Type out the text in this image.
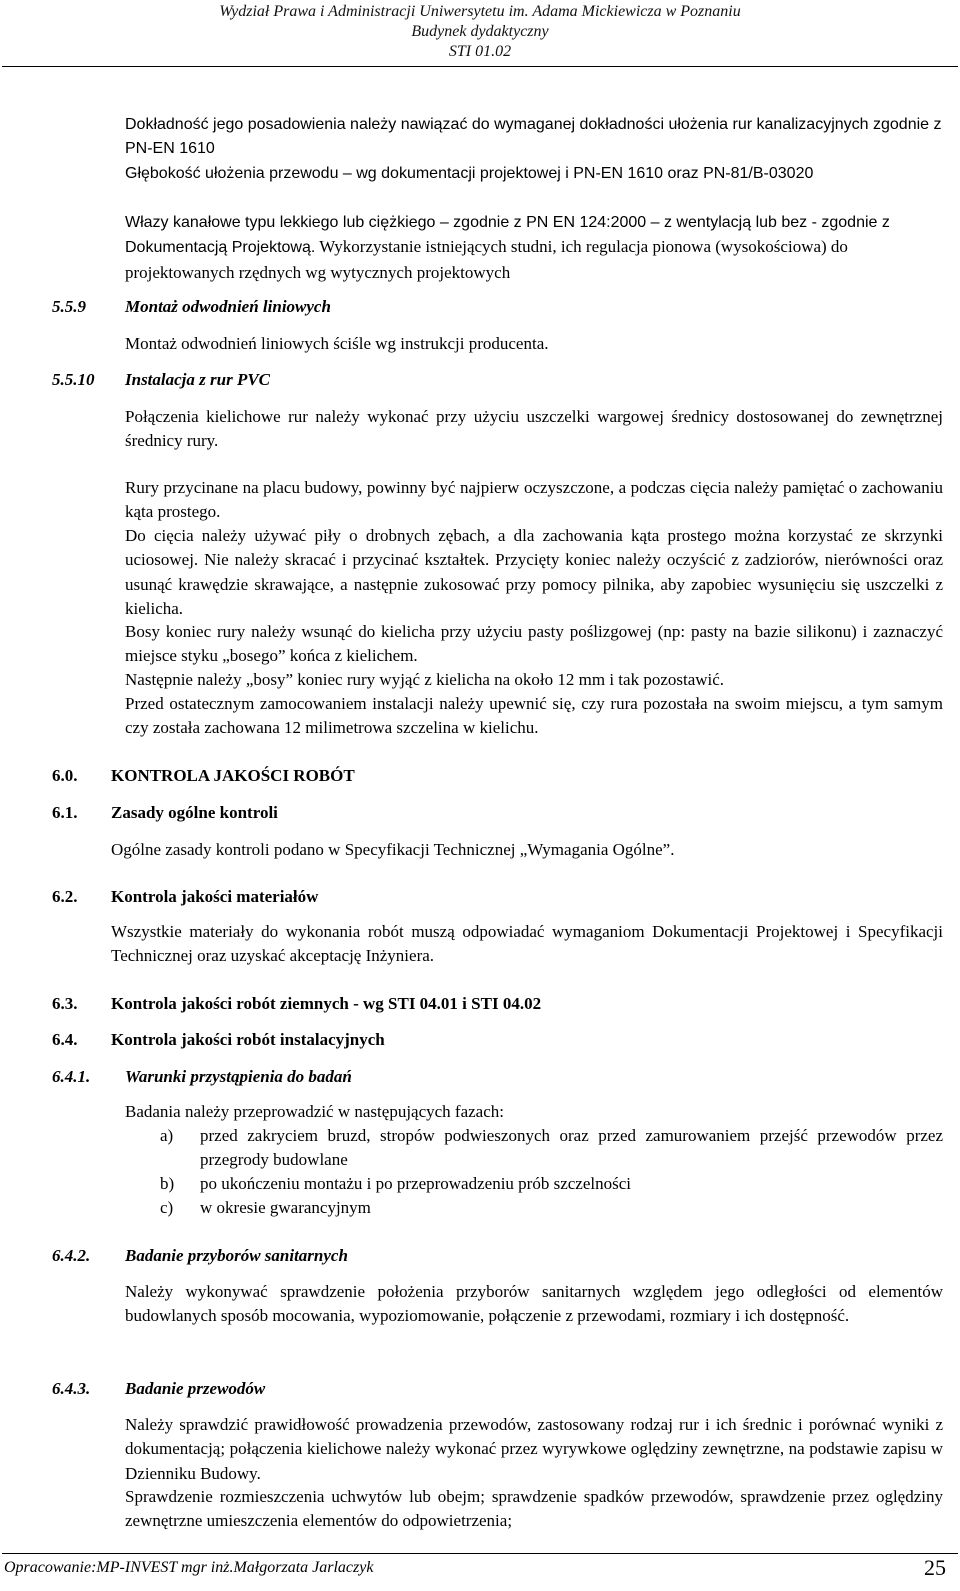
Wydział Prawa i Administracji Uniwersytetu im. Adama Mickiewicza w Poznaniu
Budynek dydaktyczny
STI 01.02

Dokładność jego posadowienia należy nawiązać do wymaganej dokładności ułożenia rur kanalizacyjnych zgodnie z PN-EN 1610

Głębokość ułożenia przewodu – wg dokumentacji projektowej i PN-EN 1610 oraz PN-81/B-03020

Włazy kanałowe typu lekkiego lub ciężkiego – zgodnie z PN EN 124:2000 – z wentylacją lub bez - zgodnie z Dokumentacją Projektową. Wykorzystanie istniejących studni, ich regulacja pionowa (wysokościowa) do projektowanych rzędnych wg wytycznych projektowych

5.5.9 Montaż odwodnień liniowych

Montaż odwodnień liniowych ściśle wg instrukcji producenta.

5.5.10 Instalacja z rur PVC

Połączenia kielichowe rur należy wykonać przy użyciu uszczelki wargowej średnicy dostosowanej do zewnętrznej średnicy rury.

Rury przycinane na placu budowy, powinny być najpierw oczyszczone, a podczas cięcia należy pamiętać o zachowaniu kąta prostego.

Do cięcia należy używać piły o drobnych zębach, a dla zachowania kąta prostego można korzystać ze skrzynki uciosowej. Nie należy skracać i przycinać kształtek. Przycięty koniec należy oczyścić z zadziorów, nierówności oraz usunąć krawędzie skrawające, a następnie zukosować przy pomocy pilnika, aby zapobiec wysunięciu się uszczelki z kielicha.

Bosy koniec rury należy wsunąć do kielicha przy użyciu pasty poślizgowej (np: pasty na bazie silikonu) i zaznaczyć miejsce styku „bosego” końca z kielichem.

Następnie należy „bosy” koniec rury wyjąć z kielicha na około 12 mm i tak pozostawić.

Przed ostatecznym zamocowaniem instalacji należy upewnić się, czy rura pozostała na swoim miejscu, a tym samym czy została zachowana 12 milimetrowa szczelina w kielichu.

6.0. KONTROLA JAKOŚCI ROBÓT
6.1. Zasady ogólne kontroli

Ogólne zasady kontroli podano w Specyfikacji Technicznej „Wymagania Ogólne”.

6.2. Kontrola jakości materiałów

Wszystkie materiały do wykonania robót muszą odpowiadać wymaganiom Dokumentacji Projektowej i Specyfikacji Technicznej oraz uzyskać akceptację Inżyniera.

6.3. Kontrola jakości robót ziemnych - wg STI 04.01 i STI 04.02
6.4. Kontrola jakości robót instalacyjnych
6.4.1. Warunki przystąpienia do badań

Badania należy przeprowadzić w następujących fazach:

a) przed zakryciem bruzd, stropów podwieszonych oraz przed zamurowaniem przejść przewodów przez przegrody budowlane
b) po ukończeniu montażu i po przeprowadzeniu prób szczelności
c) w okresie gwarancyjnym
6.4.2. Badanie przyborów sanitarnych

Należy wykonywać sprawdzenie położenia przyborów sanitarnych względem jego odległości od elementów budowlanych sposób mocowania, wypoziomowanie, połączenie z przewodami, rozmiary i ich dostępność.

6.4.3. Badanie przewodów

Należy sprawdzić prawidłowość prowadzenia przewodów, zastosowany rodzaj rur i ich średnic i porównać wyniki z dokumentacją; połączenia kielichowe należy wykonać przez wyrywkowe oględziny zewnętrzne, na podstawie zapisu w Dzienniku Budowy.

Sprawdzenie rozmieszczenia uchwytów lub obejm; sprawdzenie spadków przewodów, sprawdzenie przez oględziny zewnętrzne umieszczenia elementów do odpowietrzenia;

Opracowanie:MP-INVEST mgr inż.Małgorzata Jarlaczyk	25
